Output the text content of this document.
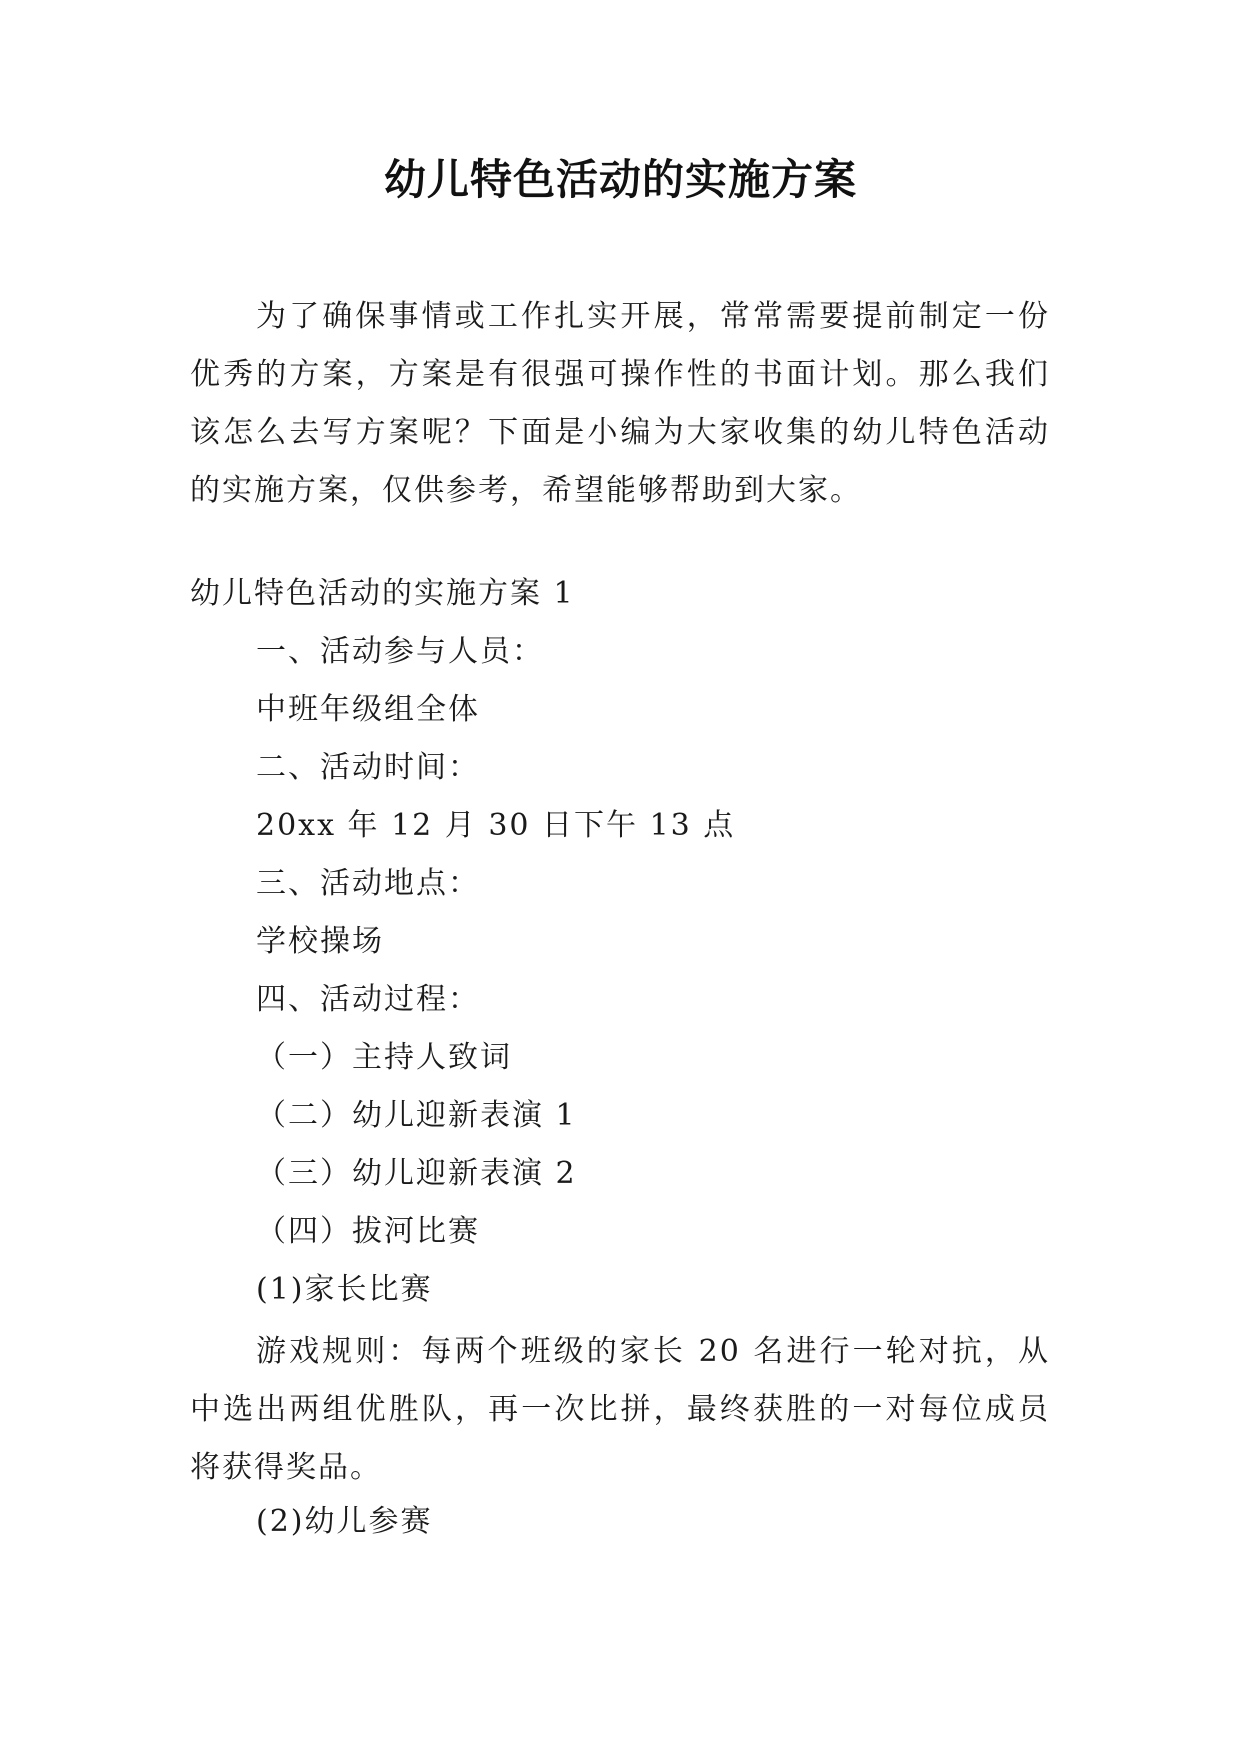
幼儿特色活动的实施方案
为了确保事情或工作扎实开展，常常需要提前制定一份优秀的方案，方案是有很强可操作性的书面计划。那么我们该怎么去写方案呢？下面是小编为大家收集的幼儿特色活动的实施方案，仅供参考，希望能够帮助到大家。
幼儿特色活动的实施方案 1
一、活动参与人员：
中班年级组全体
二、活动时间：
20xx 年 12 月 30 日下午 13 点
三、活动地点：
学校操场
四、活动过程：
（一）主持人致词
（二）幼儿迎新表演 1
（三）幼儿迎新表演 2
（四）拔河比赛
(1)家长比赛
游戏规则：每两个班级的家长 20 名进行一轮对抗，从中选出两组优胜队，再一次比拼，最终获胜的一对每位成员将获得奖品。
(2)幼儿参赛
